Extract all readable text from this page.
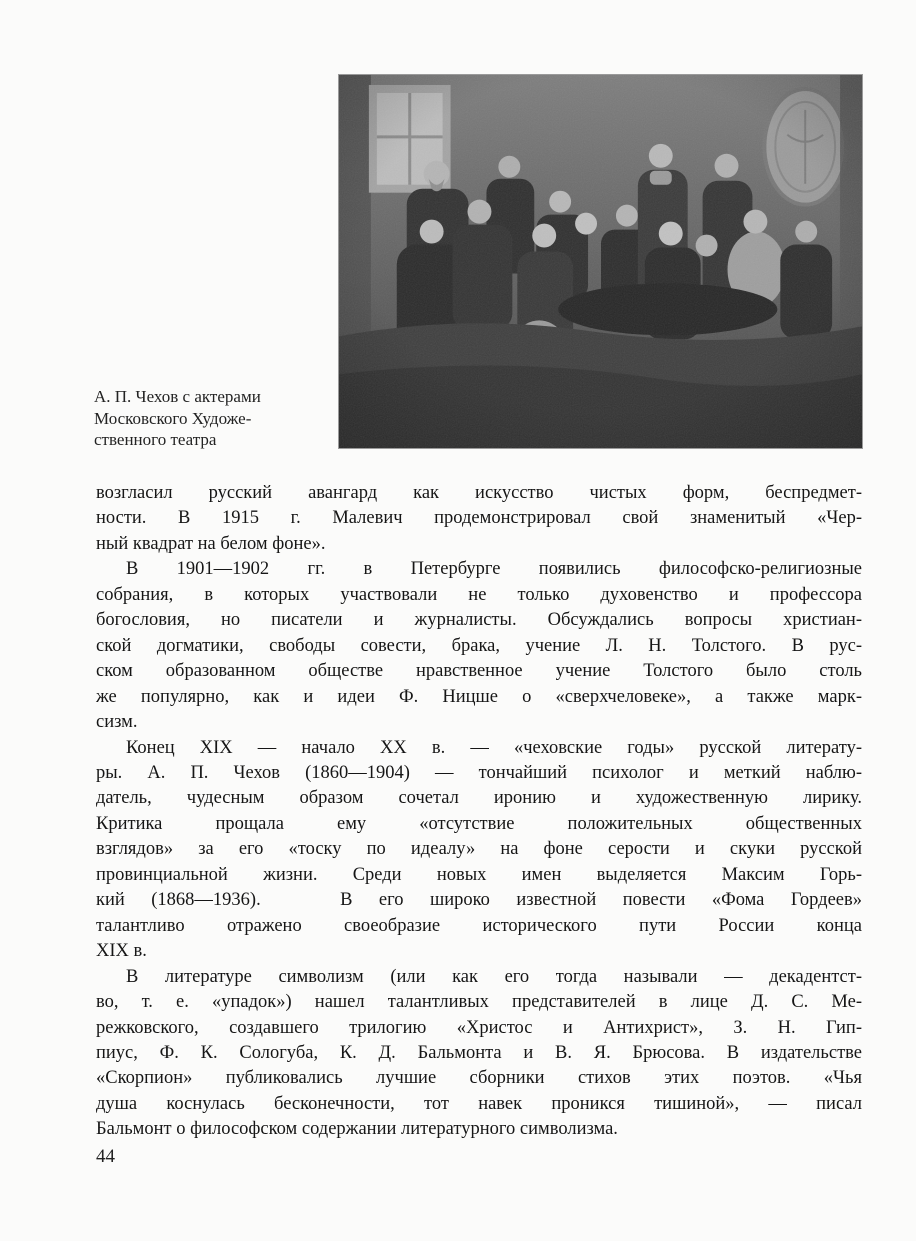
А. П. Чехов с актерами
Московского Художе-
ственного театра
возгласил русский авангард как искусство чистых форм, беспредмет-
ности. В 1915 г. Малевич продемонстрировал свой знаменитый «Чер-
ный квадрат на белом фоне».
В 1901—1902 гг. в Петербурге появились философско-религиозные
собрания, в которых участвовали не только духовенство и профессора
богословия, но писатели и журналисты. Обсуждались вопросы христиан-
ской догматики, свободы совести, брака, учение Л. Н. Толстого. В рус-
ском образованном обществе нравственное учение Толстого было столь
же популярно, как и идеи Ф. Ницше о «сверхчеловеке», а также марк-
сизм.
Конец XIX — начало XX в. — «чеховские годы» русской литерату-
ры. А. П. Чехов (1860—1904) — тончайший психолог и меткий наблю-
датель, чудесным образом сочетал иронию и художественную лирику.
Критика прощала ему «отсутствие положительных общественных
взглядов» за его «тоску по идеалу» на фоне серости и скуки русской
провинциальной жизни. Среди новых имен выделяется Максим Горь-
кий (1868—1936).   В его широко известной повести «Фома Гордеев»
талантливо отражено своеобразие исторического пути России конца
XIX в.
В литературе символизм (или как его тогда называли — декадентст-
во, т. е. «упадок») нашел талантливых представителей в лице Д. С. Ме-
режковского, создавшего трилогию «Христос и Антихрист», З. Н. Гип-
пиус, Ф. К. Сологуба, К. Д. Бальмонта и В. Я. Брюсова. В издательстве
«Скорпион» публиковались лучшие сборники стихов этих поэтов. «Чья
душа коснулась бесконечности, тот навек проникся тишиной», — писал
Бальмонт о философском содержании литературного символизма.
44
